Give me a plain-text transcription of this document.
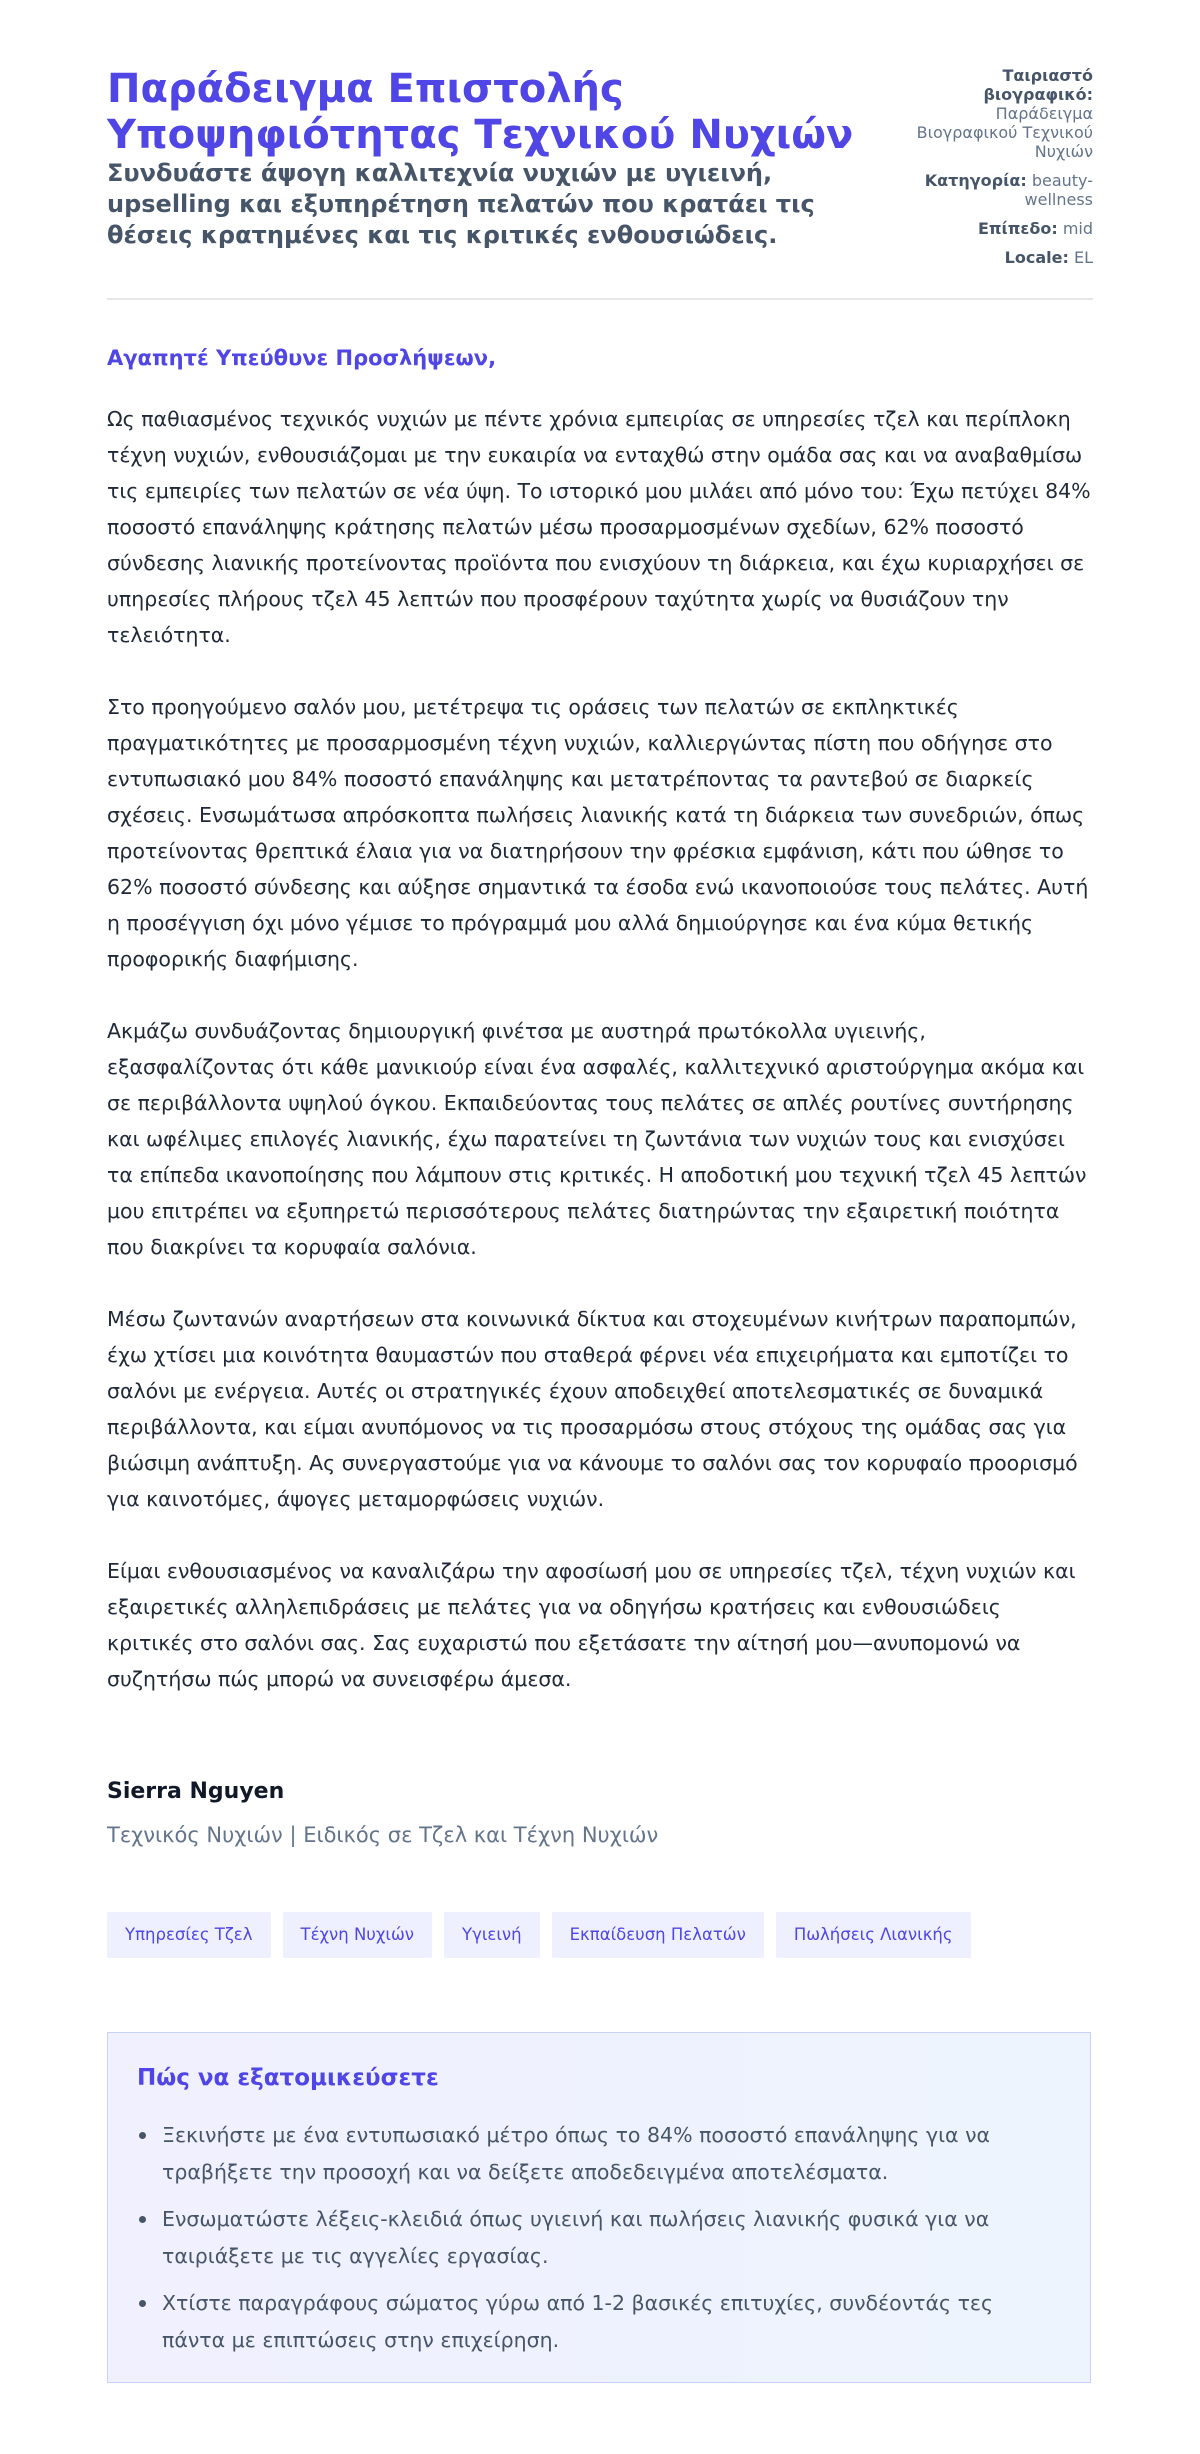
Παράδειγμα Επιστολής Υποψηφιότητας Τεχνικού Νυχιών

Συνδυάστε άψογη καλλιτεχνία νυχιών με υγιεινή, upselling και εξυπηρέτηση πελατών που κρατάει τις θέσεις κρατημένες και τις κριτικές ενθουσιώδεις.

Ταιριαστό βιογραφικό: Παράδειγμα Βιογραφικού Τεχνικού Νυχιών
Κατηγορία: beauty-wellness
Επίπεδο: mid
Locale: EL

Αγαπητέ Υπεύθυνε Προσλήψεων,

Ως παθιασμένος τεχνικός νυχιών με πέντε χρόνια εμπειρίας σε υπηρεσίες τζελ και περίπλοκη τέχνη νυχιών, ενθουσιάζομαι με την ευκαιρία να ενταχθώ στην ομάδα σας και να αναβαθμίσω τις εμπειρίες των πελατών σε νέα ύψη. Το ιστορικό μου μιλάει από μόνο του: Έχω πετύχει 84% ποσοστό επανάληψης κράτησης πελατών μέσω προσαρμοσμένων σχεδίων, 62% ποσοστό σύνδεσης λιανικής προτείνοντας προϊόντα που ενισχύουν τη διάρκεια, και έχω κυριαρχήσει σε υπηρεσίες πλήρους τζελ 45 λεπτών που προσφέρουν ταχύτητα χωρίς να θυσιάζουν την τελειότητα.

Στο προηγούμενο σαλόν μου, μετέτρεψα τις οράσεις των πελατών σε εκπληκτικές πραγματικότητες με προσαρμοσμένη τέχνη νυχιών, καλλιεργώντας πίστη που οδήγησε στο εντυπωσιακό μου 84% ποσοστό επανάληψης και μετατρέποντας τα ραντεβού σε διαρκείς σχέσεις. Ενσωμάτωσα απρόσκοπτα πωλήσεις λιανικής κατά τη διάρκεια των συνεδριών, όπως προτείνοντας θρεπτικά έλαια για να διατηρήσουν την φρέσκια εμφάνιση, κάτι που ώθησε το 62% ποσοστό σύνδεσης και αύξησε σημαντικά τα έσοδα ενώ ικανοποιούσε τους πελάτες. Αυτή η προσέγγιση όχι μόνο γέμισε το πρόγραμμά μου αλλά δημιούργησε και ένα κύμα θετικής προφορικής διαφήμισης.

Ακμάζω συνδυάζοντας δημιουργική φινέτσα με αυστηρά πρωτόκολλα υγιεινής, εξασφαλίζοντας ότι κάθε μανικιούρ είναι ένα ασφαλές, καλλιτεχνικό αριστούργημα ακόμα και σε περιβάλλοντα υψηλού όγκου. Εκπαιδεύοντας τους πελάτες σε απλές ρουτίνες συντήρησης και ωφέλιμες επιλογές λιανικής, έχω παρατείνει τη ζωντάνια των νυχιών τους και ενισχύσει τα επίπεδα ικανοποίησης που λάμπουν στις κριτικές. Η αποδοτική μου τεχνική τζελ 45 λεπτών μου επιτρέπει να εξυπηρετώ περισσότερους πελάτες διατηρώντας την εξαιρετική ποιότητα που διακρίνει τα κορυφαία σαλόνια.

Μέσω ζωντανών αναρτήσεων στα κοινωνικά δίκτυα και στοχευμένων κινήτρων παραπομπών, έχω χτίσει μια κοινότητα θαυμαστών που σταθερά φέρνει νέα επιχειρήματα και εμποτίζει το σαλόνι με ενέργεια. Αυτές οι στρατηγικές έχουν αποδειχθεί αποτελεσματικές σε δυναμικά περιβάλλοντα, και είμαι ανυπόμονος να τις προσαρμόσω στους στόχους της ομάδας σας για βιώσιμη ανάπτυξη. Ας συνεργαστούμε για να κάνουμε το σαλόνι σας τον κορυφαίο προορισμό για καινοτόμες, άψογες μεταμορφώσεις νυχιών.

Είμαι ενθουσιασμένος να καναλιζάρω την αφοσίωσή μου σε υπηρεσίες τζελ, τέχνη νυχιών και εξαιρετικές αλληλεπιδράσεις με πελάτες για να οδηγήσω κρατήσεις και ενθουσιώδεις κριτικές στο σαλόνι σας. Σας ευχαριστώ που εξετάσατε την αίτησή μου—ανυπομονώ να συζητήσω πώς μπορώ να συνεισφέρω άμεσα.

Sierra Nguyen

Τεχνικός Νυχιών | Ειδικός σε Τζελ και Τέχνη Νυχιών

Υπηρεσίες Τζελ	Τέχνη Νυχιών	Υγιεινή	Εκπαίδευση Πελατών	Πωλήσεις Λιανικής
Πώς να εξατομικεύσετε
Ξεκινήστε με ένα εντυπωσιακό μέτρο όπως το 84% ποσοστό επανάληψης για να τραβήξετε την προσοχή και να δείξετε αποδεδειγμένα αποτελέσματα.
Ενσωματώστε λέξεις-κλειδιά όπως υγιεινή και πωλήσεις λιανικής φυσικά για να ταιριάξετε με τις αγγελίες εργασίας.
Χτίστε παραγράφους σώματος γύρω από 1-2 βασικές επιτυχίες, συνδέοντάς τες πάντα με επιπτώσεις στην επιχείρηση.
